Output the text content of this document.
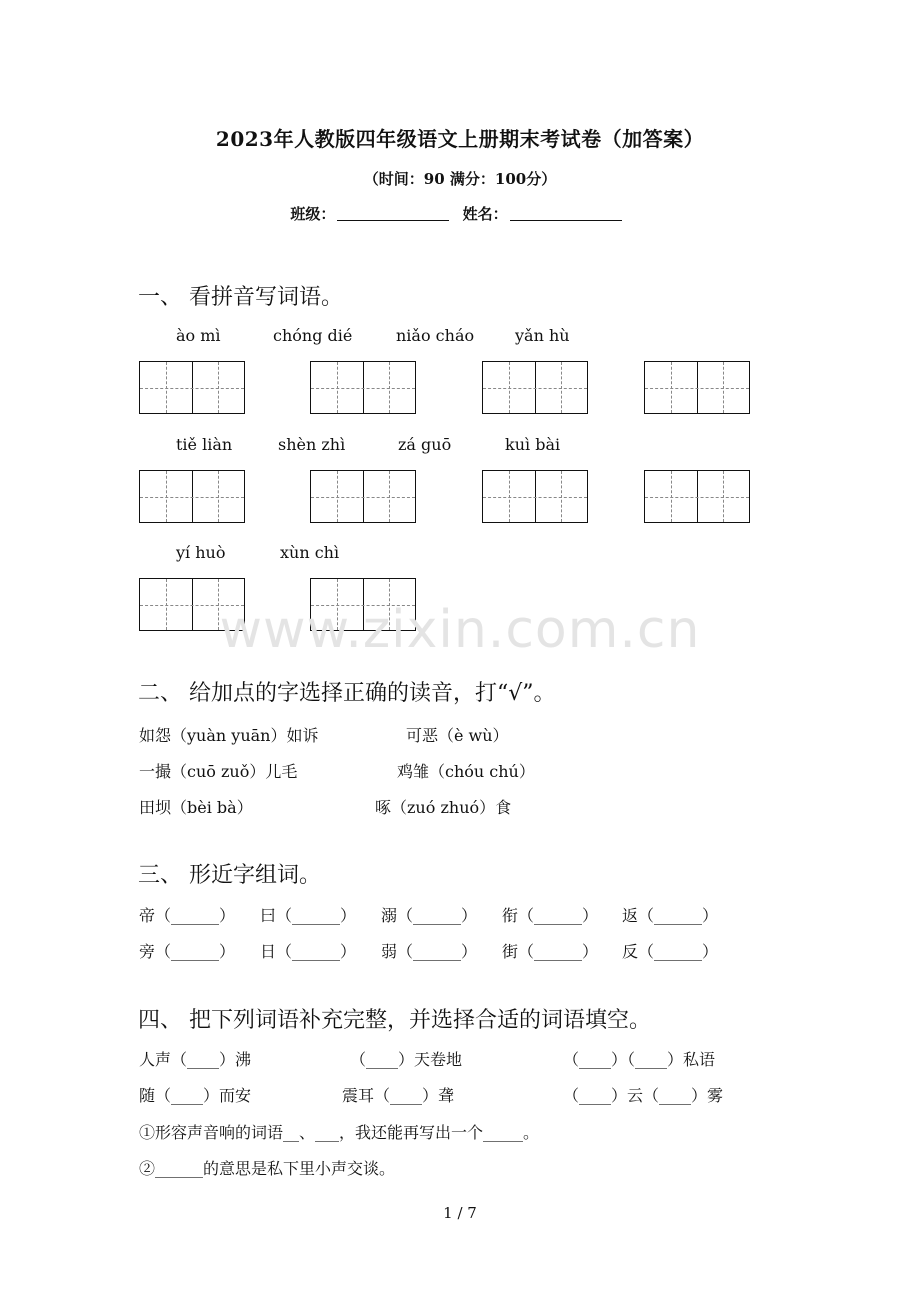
2023年人教版四年级语文上册期末考试卷（加答案）
（时间：90 满分：100分）
班级：	姓名：
一、 看拼音写词语。
ào mì	chóng dié	niǎo cháo	yǎn hù
tiě liàn	shèn zhì	zá guō	kuì bài
yí huò	xùn chì
www.zixin.com.cn
二、 给加点的字选择正确的读音，打“√”。
如怨（yuàn yuān）如诉	可恶（è wù）
一撮（cuō zuǒ）儿毛	鸡雏（chóu chú）
田坝（bèi bà）	啄（zuó zhuó）食
三、 形近字组词。
帝（______） 曰（______） 溺（______） 衔（______） 返（______）
旁（______） 日（______） 弱（______） 街（______） 反（______）
四、 把下列词语补充完整，并选择合适的词语填空。
人声（____）沸	（____）天卷地	（____）（____）私语
随（____）而安	震耳（____）聋	（____）云（____）雾
①形容声音响的词语__、___，我还能再写出一个_____。
②______的意思是私下里小声交谈。
1 / 7
